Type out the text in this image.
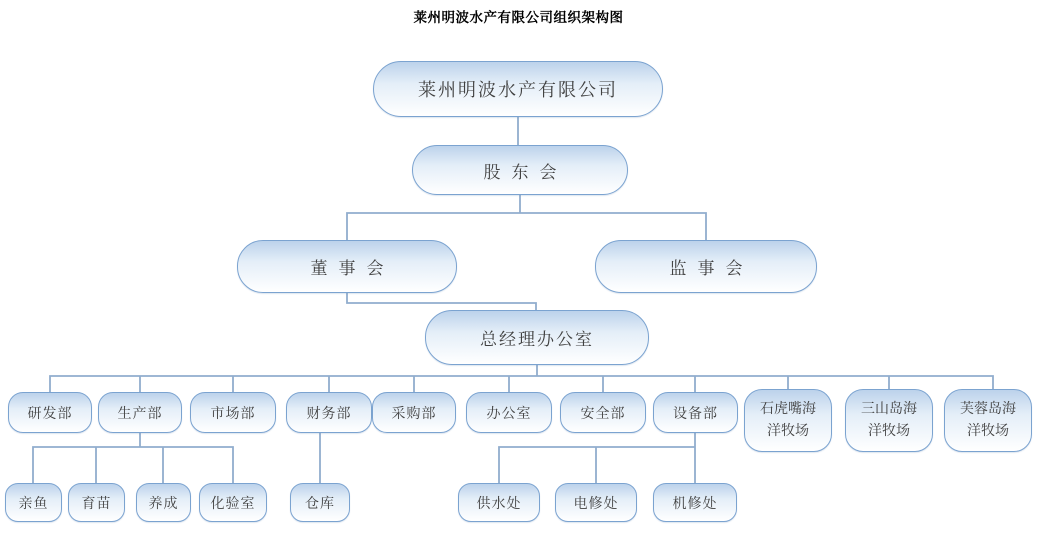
莱州明波水产有限公司组织架构图
莱州明波水产有限公司
股东会
董事会	监事会
总经理办公室
研发部	生产部	市场部	财务部	采购部	办公室	安全部	设备部	石虎嘴海洋牧场
三山岛海洋牧场
芙蓉岛海洋牧场
亲鱼	育苗	养成	化验室	仓库	供水处	电修处	机修处
